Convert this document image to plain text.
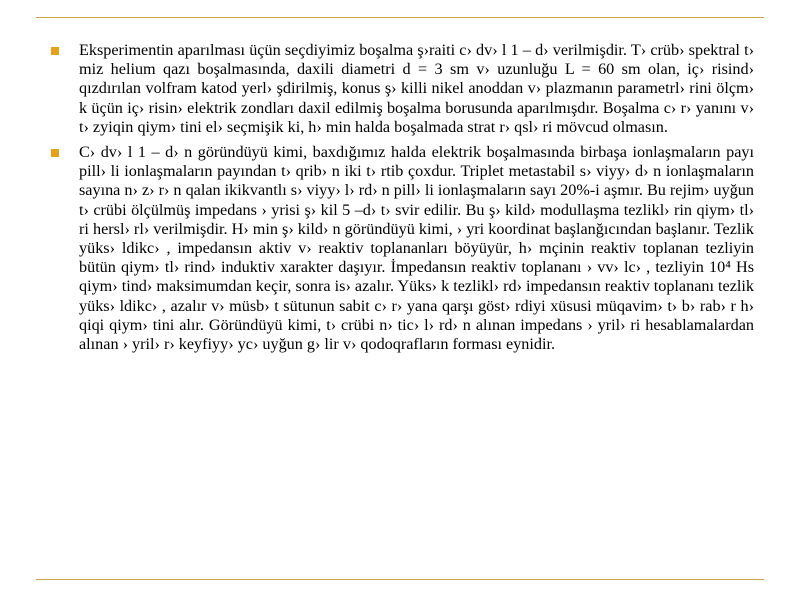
Eksperimentin aparılması üçün seçdiyimiz boşalma ş›raiti c› dv› l 1 – d› verilmişdir. T› crüb› spektral t› miz helium qazı boşalmasında, daxili diametri d = 3 sm v› uzunluğu L = 60 sm olan, iç› risind› qızdırılan volfram katod yerl› şdirilmiş, konus ş› killi nikel anoddan v› plazmanın parametrl› rini ölçm› k üçün iç› risin› elektrik zondları daxil edilmiş boşalma borusunda aparılmışdır. Boşalma c› r› yanını v› t› zyiqin qiym› tini el› seçmişik ki, h› min halda boşalmada strat r› qsl› ri mövcud olmasın.

C› dv› l 1 – d› n göründüyü kimi, baxdığımız halda elektrik boşalmasında birbaşa ionlaşmaların payı pill› li ionlaşmaların payından t› qrib› n iki t› rtib çoxdur. Triplet metastabil s› viyy› d› n ionlaşmaların sayına n› z› r› n qalan ikikvantlı s› viyy› l› rd› n pill› li ionlaşmaların sayı 20%-i aşmır. Bu rejim› uyğun t› crübi ölçülmüş impedans › yrisi ş› kil 5 –d› t› svir edilir. Bu ş› kild› modullaşma tezlikl› rin qiym› tl› ri hersl› rl› verilmişdir. H› min ş› kild› n göründüyü kimi, › yri koordinat başlanğıcından başlanır. Tezlik yüks› ldikc› , impedansın aktiv v› reaktiv toplananları böyüyür, h› mçinin reaktiv toplanan tezliyin bütün qiym› tl› rind› induktiv xarakter daşıyır. İmpedansın reaktiv toplananı › vv› lc› , tezliyin 10⁴ Hs qiym› tind› maksimumdan keçir, sonra is› azalır. Yüks› k tezlikl› rd› impedansın reaktiv toplananı tezlik yüks› ldikc› , azalır v› müsb› t sütunun sabit c› r› yana qarşı göst› rdiyi xüsusi müqavim› t› b› rab› r h› qiqi qiym› tini alır. Göründüyü kimi, t› crübi n› tic› l› rd› n alınan impedans › yril› ri hesablamalardan alınan › yril› r› keyfiyy› yc› uyğun g› lir v› qodoqrafların forması eynidir.
